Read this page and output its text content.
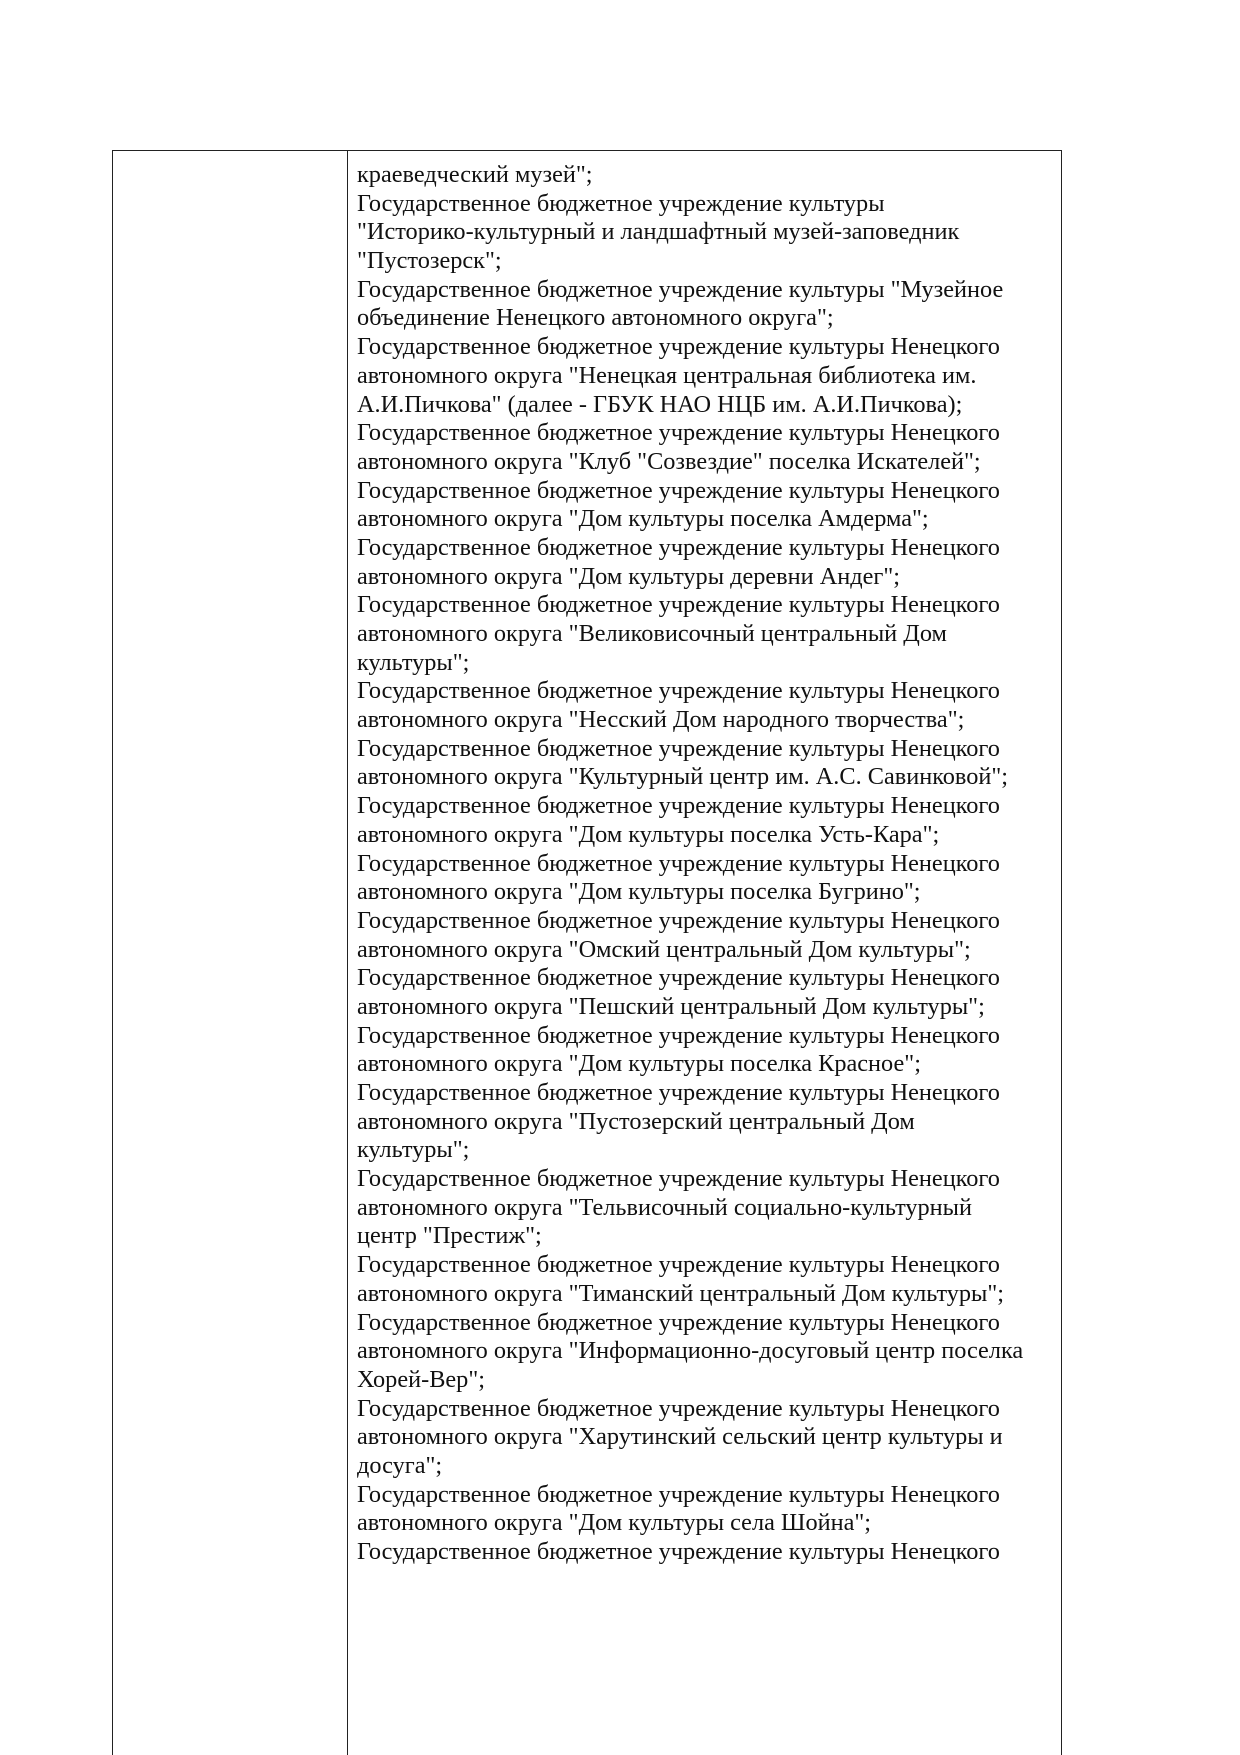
краеведческий музей";
Государственное бюджетное учреждение культуры
"Историко-культурный и ландшафтный музей-заповедник
"Пустозерск";
Государственное бюджетное учреждение культуры "Музейное
объединение Ненецкого автономного округа";
Государственное бюджетное учреждение культуры Ненецкого
автономного округа "Ненецкая центральная библиотека им.
А.И.Пичкова" (далее - ГБУК НАО НЦБ им. А.И.Пичкова);
Государственное бюджетное учреждение культуры Ненецкого
автономного округа "Клуб "Созвездие" поселка Искателей";
Государственное бюджетное учреждение культуры Ненецкого
автономного округа "Дом культуры поселка Амдерма";
Государственное бюджетное учреждение культуры Ненецкого
автономного округа "Дом культуры деревни Андег";
Государственное бюджетное учреждение культуры Ненецкого
автономного округа "Великовисочный центральный Дом
культуры";
Государственное бюджетное учреждение культуры Ненецкого
автономного округа "Несский Дом народного творчества";
Государственное бюджетное учреждение культуры Ненецкого
автономного округа "Культурный центр им. А.С. Савинковой";
Государственное бюджетное учреждение культуры Ненецкого
автономного округа "Дом культуры поселка Усть-Кара";
Государственное бюджетное учреждение культуры Ненецкого
автономного округа "Дом культуры поселка Бугрино";
Государственное бюджетное учреждение культуры Ненецкого
автономного округа "Омский центральный Дом культуры";
Государственное бюджетное учреждение культуры Ненецкого
автономного округа "Пешский центральный Дом культуры";
Государственное бюджетное учреждение культуры Ненецкого
автономного округа "Дом культуры поселка Красное";
Государственное бюджетное учреждение культуры Ненецкого
автономного округа "Пустозерский центральный Дом
культуры";
Государственное бюджетное учреждение культуры Ненецкого
автономного округа "Тельвисочный социально-культурный
центр "Престиж";
Государственное бюджетное учреждение культуры Ненецкого
автономного округа "Тиманский центральный Дом культуры";
Государственное бюджетное учреждение культуры Ненецкого
автономного округа "Информационно-досуговый центр поселка
Хорей-Вер";
Государственное бюджетное учреждение культуры Ненецкого
автономного округа "Харутинский сельский центр культуры и
досуга";
Государственное бюджетное учреждение культуры Ненецкого
автономного округа "Дом культуры села Шойна";
Государственное бюджетное учреждение культуры Ненецкого
